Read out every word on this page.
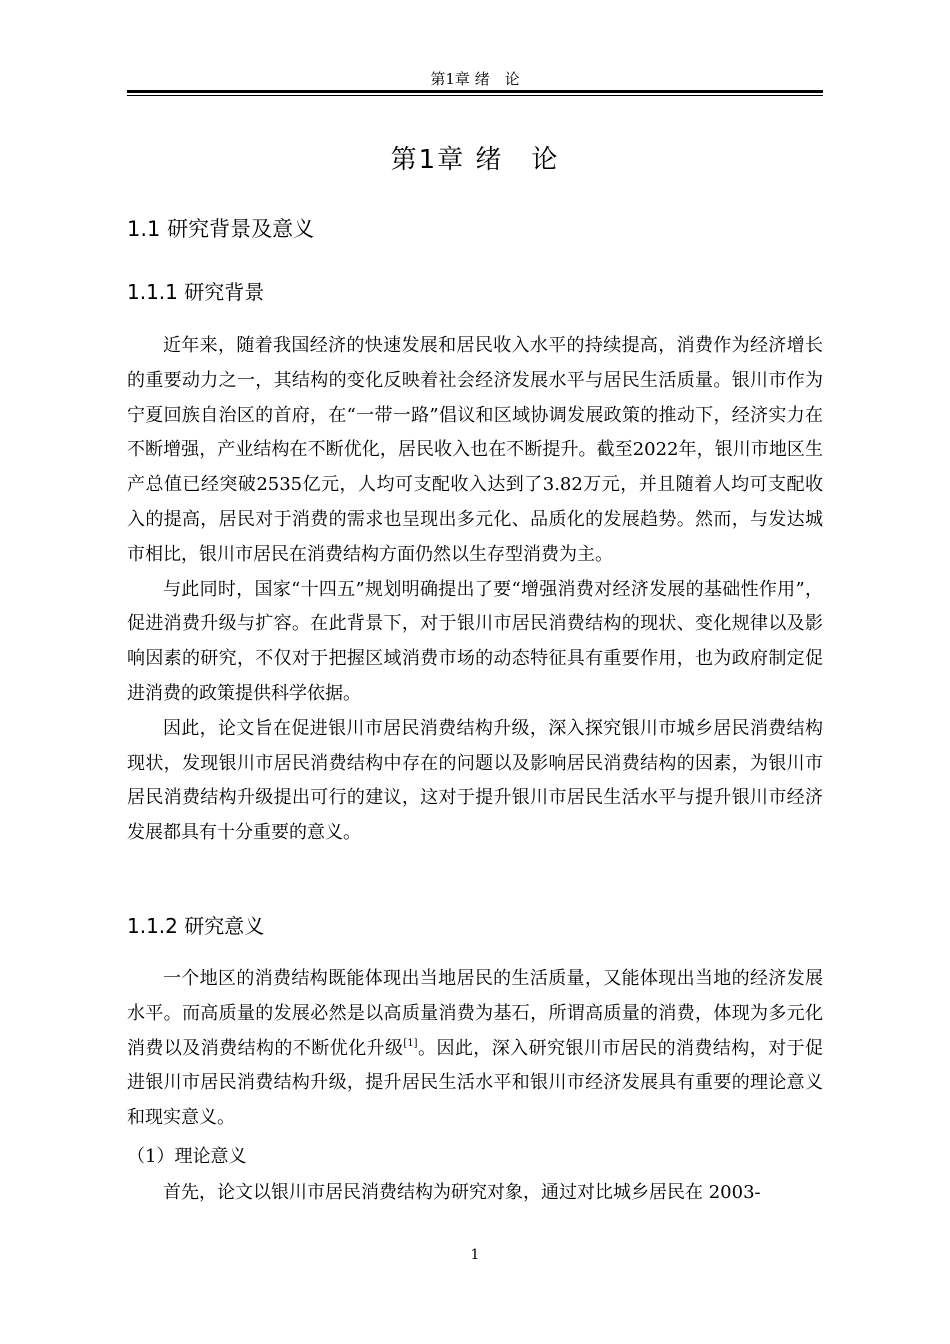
第1章 绪　论
第1章 绪　论
1.1 研究背景及意义
1.1.1 研究背景

近年来，随着我国经济的快速发展和居民收入水平的持续提高，消费作为经济增长的重要动力之一，其结构的变化反映着社会经济发展水平与居民生活质量。银川市作为宁夏回族自治区的首府，在“一带一路”倡议和区域协调发展政策的推动下，经济实力在不断增强，产业结构在不断优化，居民收入也在不断提升。截至2022年，银川市地区生产总值已经突破2535亿元，人均可支配收入达到了3.82万元，并且随着人均可支配收入的提高，居民对于消费的需求也呈现出多元化、品质化的发展趋势。然而，与发达城市相比，银川市居民在消费结构方面仍然以生存型消费为主。

与此同时，国家“十四五”规划明确提出了要“增强消费对经济发展的基础性作用”，促进消费升级与扩容。在此背景下，对于银川市居民消费结构的现状、变化规律以及影响因素的研究，不仅对于把握区域消费市场的动态特征具有重要作用，也为政府制定促进消费的政策提供科学依据。

因此，论文旨在促进银川市居民消费结构升级，深入探究银川市城乡居民消费结构现状，发现银川市居民消费结构中存在的问题以及影响居民消费结构的因素，为银川市居民消费结构升级提出可行的建议，这对于提升银川市居民生活水平与提升银川市经济发展都具有十分重要的意义。

1.1.2 研究意义

一个地区的消费结构既能体现出当地居民的生活质量，又能体现出当地的经济发展水平。而高质量的发展必然是以高质量消费为基石，所谓高质量的消费，体现为多元化消费以及消费结构的不断优化升级[1]。因此，深入研究银川市居民的消费结构，对于促进银川市居民消费结构升级，提升居民生活水平和银川市经济发展具有重要的理论意义和现实意义。

（1）理论意义

首先，论文以银川市居民消费结构为研究对象，通过对比城乡居民在 2003-

1
